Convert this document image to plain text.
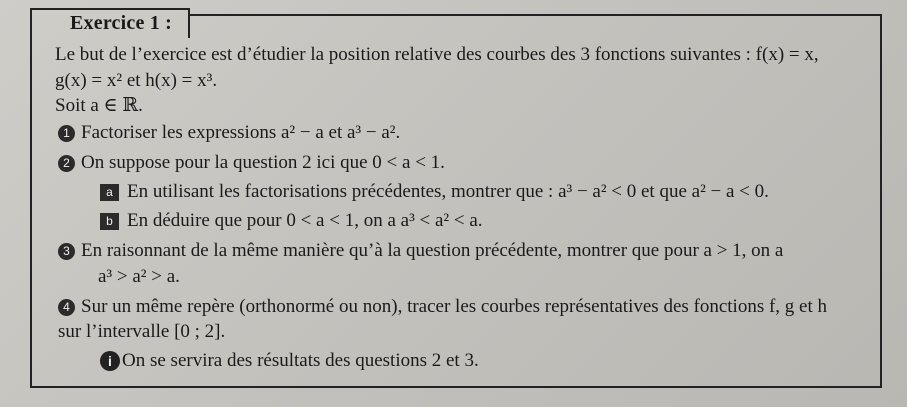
Exercice 1 :
Le but de l’exercice est d’étudier la position relative des courbes des 3 fonctions suivantes : f(x) = x,
g(x) = x² et h(x) = x³.
Soit a ∈ ℝ.
1 Factoriser les expressions a² − a et a³ − a².
2 On suppose pour la question 2 ici que 0 < a < 1.
a En utilisant les factorisations précédentes, montrer que : a³ − a² < 0 et que a² − a < 0.
b En déduire que pour 0 < a < 1, on a a³ < a² < a.
3 En raisonnant de la même manière qu’à la question précédente, montrer que pour a > 1, on a
a³ > a² > a.
4 Sur un même repère (orthonormé ou non), tracer les courbes représentatives des fonctions f, g et h
sur l’intervalle [0 ; 2].
i On se servira des résultats des questions 2 et 3.
